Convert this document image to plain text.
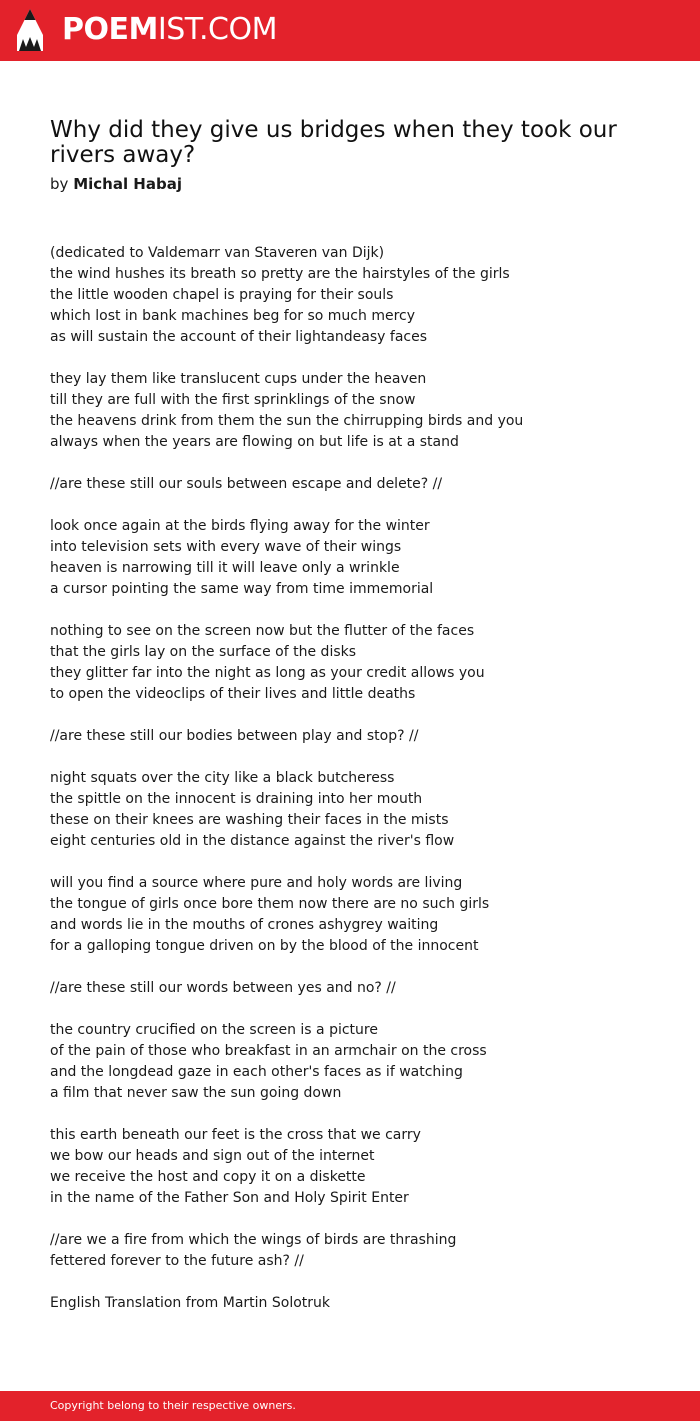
POEMIST.COM
Why did they give us bridges when they took our rivers away?
by Michal Habaj
(dedicated to Valdemarr van Staveren van Dijk)
the wind hushes its breath so pretty are the hairstyles of the girls
the little wooden chapel is praying for their souls
which lost in bank machines beg for so much mercy
as will sustain the account of their lightandeasy faces
they lay them like translucent cups under the heaven
till they are full with the first sprinklings of the snow
the heavens drink from them the sun the chirrupping birds and you
always when the years are flowing on but life is at a stand
//are these still our souls between escape and delete? //
look once again at the birds flying away for the winter
into television sets with every wave of their wings
heaven is narrowing till it will leave only a wrinkle
a cursor pointing the same way from time immemorial
nothing to see on the screen now but the flutter of the faces
that the girls lay on the surface of the disks
they glitter far into the night as long as your credit allows you
to open the videoclips of their lives and little deaths
//are these still our bodies between play and stop? //
night squats over the city like a black butcheress
the spittle on the innocent is draining into her mouth
these on their knees are washing their faces in the mists
eight centuries old in the distance against the river's flow
will you find a source where pure and holy words are living
the tongue of girls once bore them now there are no such girls
and words lie in the mouths of crones ashygrey waiting
for a galloping tongue driven on by the blood of the innocent
//are these still our words between yes and no? //
the country crucified on the screen is a picture
of the pain of those who breakfast in an armchair on the cross
and the longdead gaze in each other's faces as if watching
a film that never saw the sun going down
this earth beneath our feet is the cross that we carry
we bow our heads and sign out of the internet
we receive the host and copy it on a diskette
in the name of the Father Son and Holy Spirit Enter
//are we a fire from which the wings of birds are thrashing
fettered forever to the future ash? //
English Translation from Martin Solotruk
Copyright belong to their respective owners.
